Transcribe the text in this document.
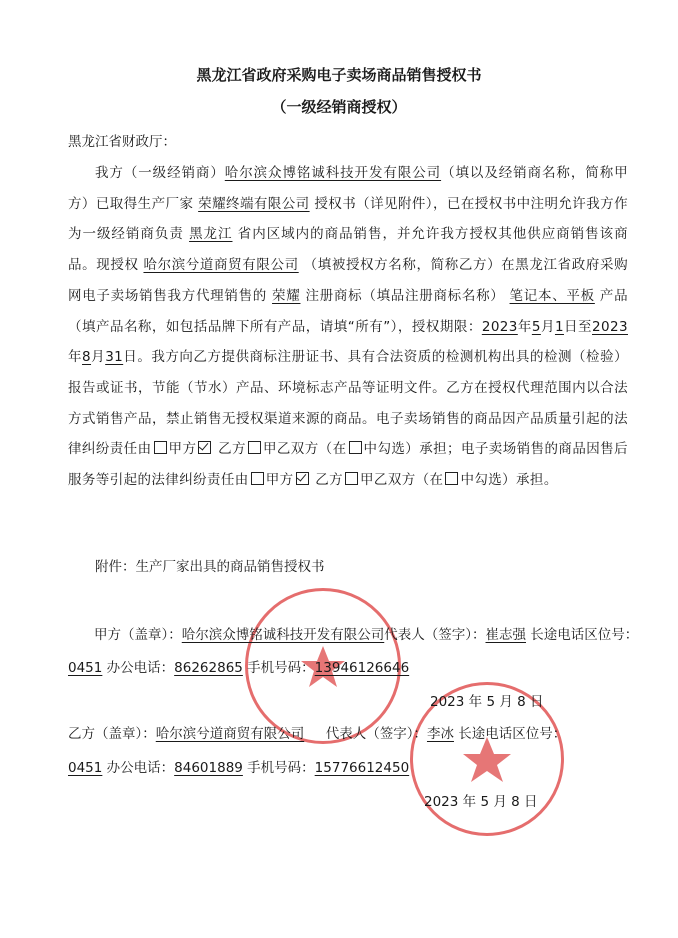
黑龙江省政府采购电子卖场商品销售授权书
（一级经销商授权）
黑龙江省财政厅：
我方（一级经销商）哈尔滨众博铭诚科技开发有限公司（填以及经销商名称，简称甲方）已取得生产厂家 荣耀终端有限公司 授权书（详见附件），已在授权书中注明允许我方作为一级经销商负责 黑龙江 省内区域内的商品销售，并允许我方授权其他供应商销售该商品。现授权 哈尔滨兮道商贸有限公司 （填被授权方名称，简称乙方）在黑龙江省政府采购网电子卖场销售我方代理销售的 荣耀 注册商标（填品注册商标名称） 笔记本、平板 产品（填产品名称，如包括品牌下所有产品，请填“所有”），授权期限：2023年5月1日至2023年8月31日。我方向乙方提供商标注册证书、具有合法资质的检测机构出具的检测（检验）报告或证书，节能（节水）产品、环境标志产品等证明文件。乙方在授权代理范围内以合法方式销售产品，禁止销售无授权渠道来源的商品。电子卖场销售的商品因产品质量引起的法律纠纷责任由 甲方 乙方 甲乙双方（在 中勾选）承担；电子卖场销售的商品因售后服务等引起的法律纠纷责任由 甲方 乙方 甲乙双方（在 中勾选）承担。
附件：生产厂家出具的商品销售授权书
甲方（盖章）：哈尔滨众博铭诚科技开发有限公司代表人（签字）：崔志强 长途电话区位号：
0451 办公电话：86262865 手机号码：13946126646
2023 年 5 月 8 日
乙方（盖章）：哈尔滨兮道商贸有限公司 代表人（签字）：李冰 长途电话区位号：
0451 办公电话：84601889 手机号码：15776612450
2023 年 5 月 8 日
